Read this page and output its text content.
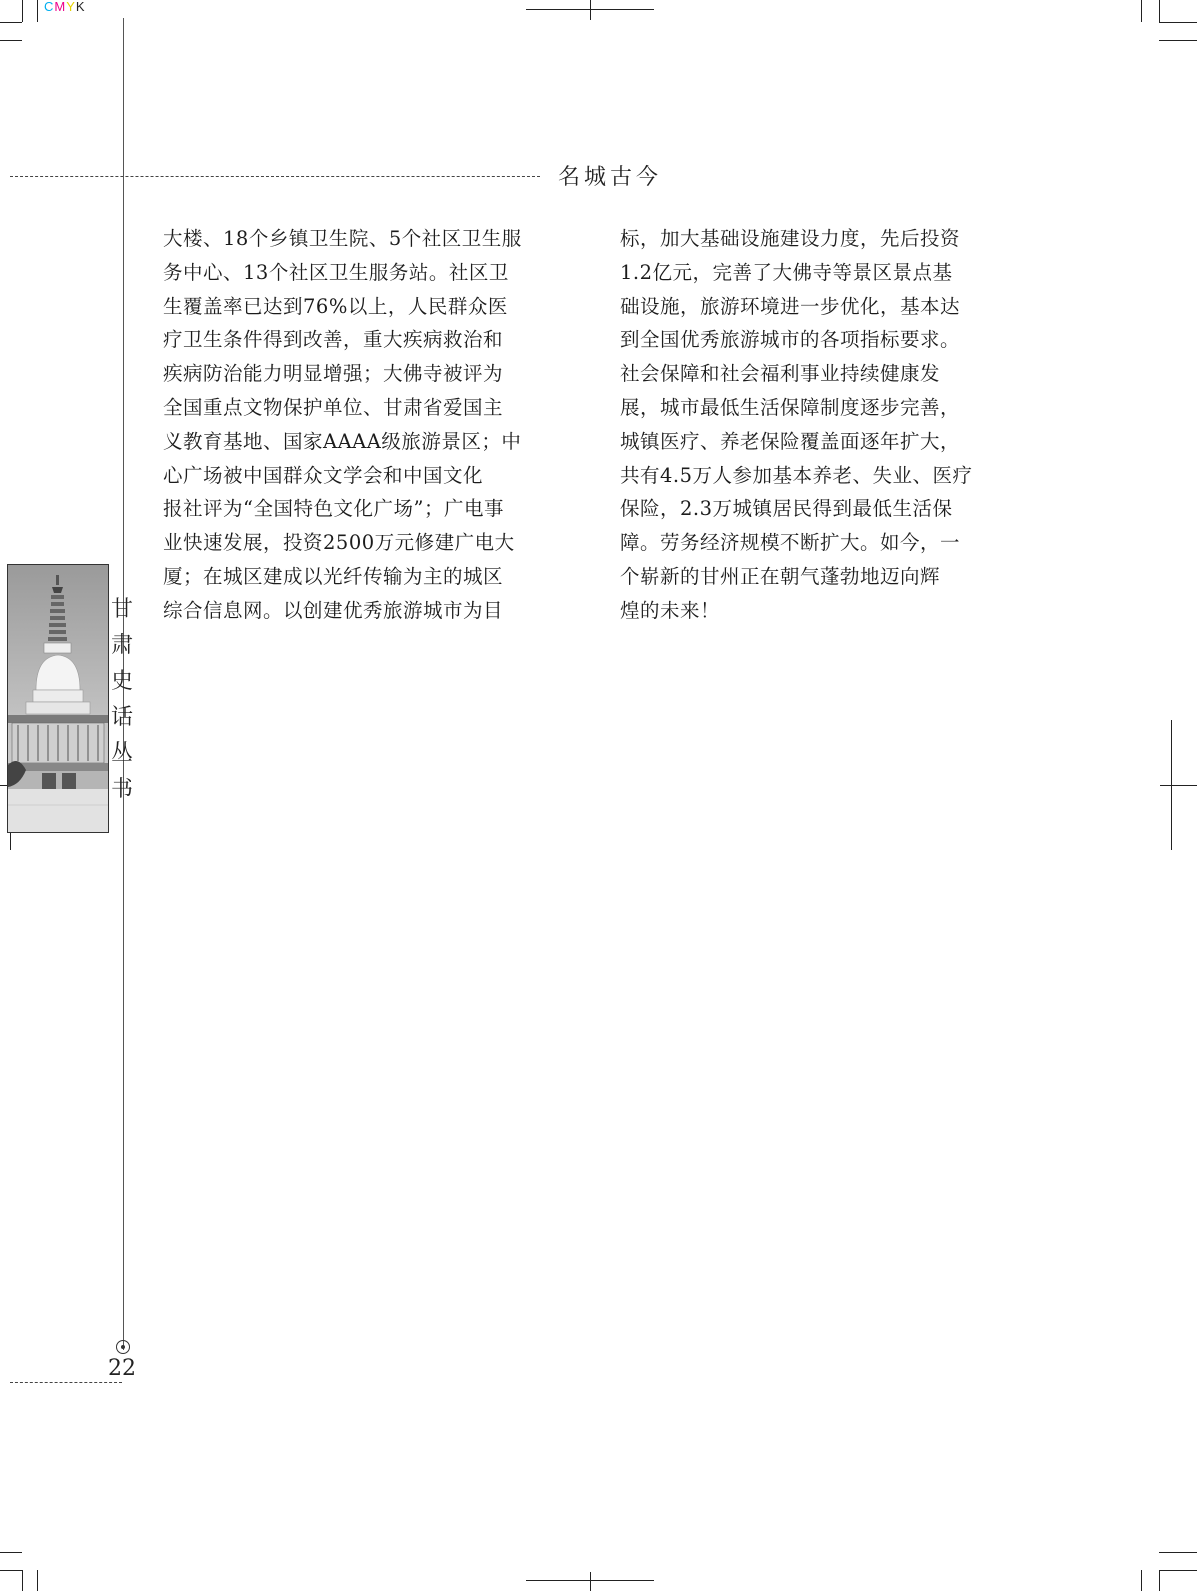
CMYK
名城古今
甘
肃
史
话
丛
书

大楼、18个乡镇卫生院、5个社区卫生服

务中心、13个社区卫生服务站。社区卫

生覆盖率已达到76%以上，人民群众医

疗卫生条件得到改善，重大疾病救治和

疾病防治能力明显增强；大佛寺被评为

全国重点文物保护单位、甘肃省爱国主

义教育基地、国家AAAA级旅游景区；中

心广场被中国群众文学会和中国文化

报社评为“全国特色文化广场”；广电事

业快速发展，投资2500万元修建广电大

厦；在城区建成以光纤传输为主的城区

综合信息网。以创建优秀旅游城市为目

标，加大基础设施建设力度，先后投资

1.2亿元，完善了大佛寺等景区景点基

础设施，旅游环境进一步优化，基本达

到全国优秀旅游城市的各项指标要求。

社会保障和社会福利事业持续健康发

展，城市最低生活保障制度逐步完善，

城镇医疗、养老保险覆盖面逐年扩大，

共有4.5万人参加基本养老、失业、医疗

保险，2.3万城镇居民得到最低生活保

障。劳务经济规模不断扩大。如今，一

个崭新的甘州正在朝气蓬勃地迈向辉

煌的未来！

22
